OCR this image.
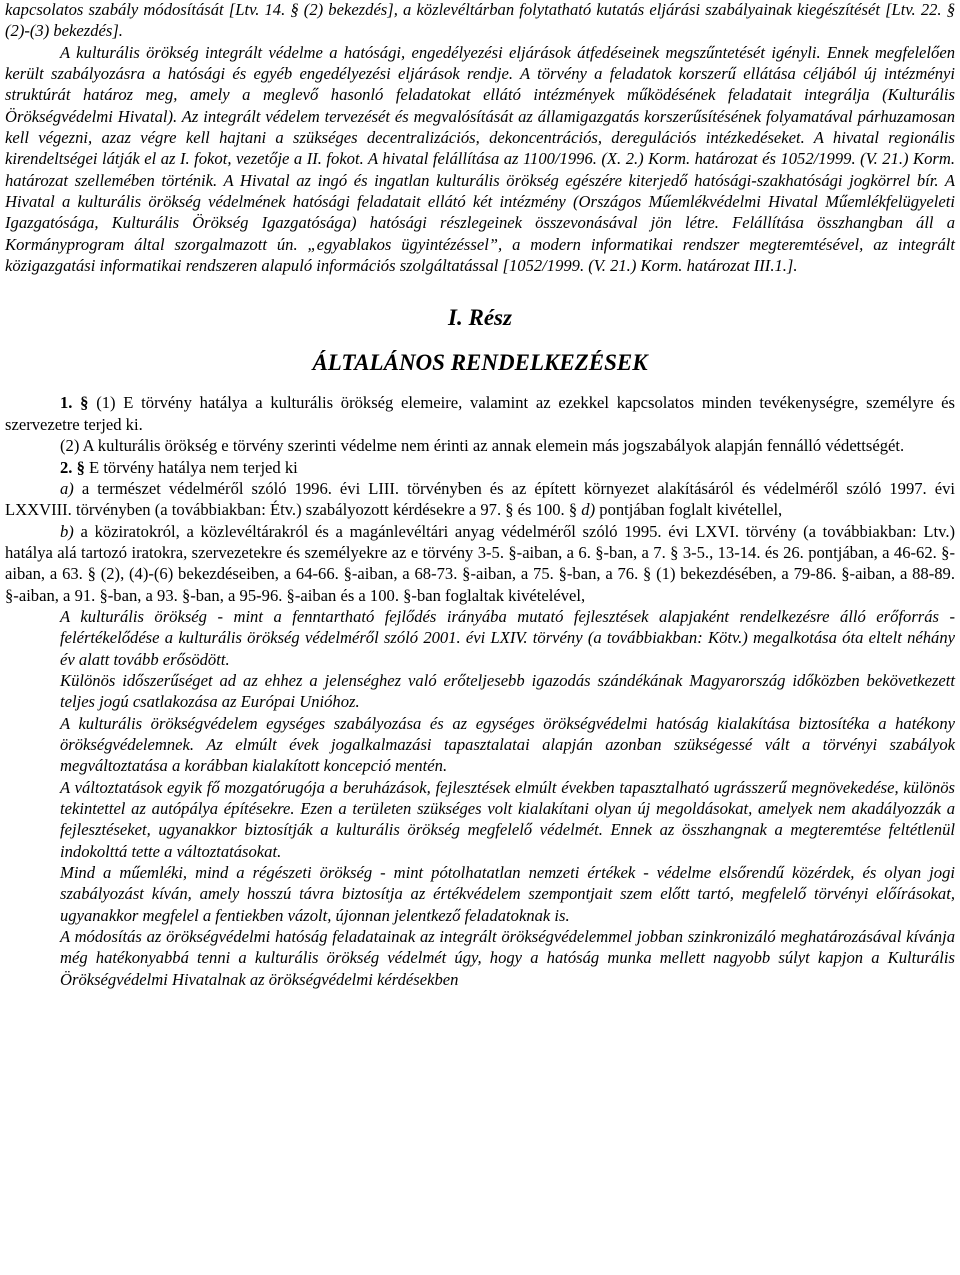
kapcsolatos szabály módosítását [Ltv. 14. § (2) bekezdés], a közlevéltárban folytatható kutatás eljárási szabályainak kiegészítését [Ltv. 22. § (2)-(3) bekezdés].

A kulturális örökség integrált védelme a hatósági, engedélyezési eljárások átfedéseinek megszűntetését igényli. Ennek megfelelően került szabályozásra a hatósági és egyéb engedélyezési eljárások rendje. A törvény a feladatok korszerű ellátása céljából új intézményi struktúrát határoz meg, amely a meglevő hasonló feladatokat ellátó intézmények működésének feladatait integrálja (Kulturális Örökségvédelmi Hivatal). Az integrált védelem tervezését és megvalósítását az államigazgatás korszerűsítésének folyamatával párhuzamosan kell végezni, azaz végre kell hajtani a szükséges decentralizációs, dekoncentrációs, deregulációs intézkedéseket. A hivatal regionális kirendeltségei látják el az I. fokot, vezetője a II. fokot. A hivatal felállítása az 1100/1996. (X. 2.) Korm. határozat és 1052/1999. (V. 21.) Korm. határozat szellemében történik. A Hivatal az ingó és ingatlan kulturális örökség egészére kiterjedő hatósági-szakhatósági jogkörrel bír. A Hivatal a kulturális örökség védelmének hatósági feladatait ellátó két intézmény (Országos Műemlékvédelmi Hivatal Műemlékfelügyeleti Igazgatósága, Kulturális Örökség Igazgatósága) hatósági részlegeinek összevonásával jön létre. Felállítása összhangban áll a Kormányprogram által szorgalmazott ún. „egyablakos ügyintézéssel”, a modern informatikai rendszer megteremtésével, az integrált közigazgatási informatikai rendszeren alapuló információs szolgáltatással [1052/1999. (V. 21.) Korm. határozat III.1.].

I. Rész
ÁLTALÁNOS RENDELKEZÉSEK

1. § (1) E törvény hatálya a kulturális örökség elemeire, valamint az ezekkel kapcsolatos minden tevékenységre, személyre és szervezetre terjed ki.

(2) A kulturális örökség e törvény szerinti védelme nem érinti az annak elemein más jogszabályok alapján fennálló védettségét.

2. § E törvény hatálya nem terjed ki

a) a természet védelméről szóló 1996. évi LIII. törvényben és az épített környezet alakításáról és védelméről szóló 1997. évi LXXVIII. törvényben (a továbbiakban: Étv.) szabályozott kérdésekre a 97. § és 100. § d) pontjában foglalt kivétellel,

b) a köziratokról, a közlevéltárakról és a magánlevéltári anyag védelméről szóló 1995. évi LXVI. törvény (a továbbiakban: Ltv.) hatálya alá tartozó iratokra, szervezetekre és személyekre az e törvény 3-5. §-aiban, a 6. §-ban, a 7. § 3-5., 13-14. és 26. pontjában, a 46-62. §-aiban, a 63. § (2), (4)-(6) bekezdéseiben, a 64-66. §-aiban, a 68-73. §-aiban, a 75. §-ban, a 76. § (1) bekezdésében, a 79-86. §-aiban, a 88-89. §-aiban, a 91. §-ban, a 93. §-ban, a 95-96. §-aiban és a 100. §-ban foglaltak kivételével,

A kulturális örökség - mint a fenntartható fejlődés irányába mutató fejlesztések alapjaként rendelkezésre álló erőforrás - felértékelődése a kulturális örökség védelméről szóló 2001. évi LXIV. törvény (a továbbiakban: Kötv.) megalkotása óta eltelt néhány év alatt tovább erősödött.

Különös időszerűséget ad az ehhez a jelenséghez való erőteljesebb igazodás szándékának Magyarország időközben bekövetkezett teljes jogú csatlakozása az Európai Unióhoz.

A kulturális örökségvédelem egységes szabályozása és az egységes örökségvédelmi hatóság kialakítása biztosítéka a hatékony örökségvédelemnek. Az elmúlt évek jogalkalmazási tapasztalatai alapján azonban szükségessé vált a törvényi szabályok megváltoztatása a korábban kialakított koncepció mentén.

A változtatások egyik fő mozgatórugója a beruházások, fejlesztések elmúlt években tapasztalható ugrásszerű megnövekedése, különös tekintettel az autópálya építésekre. Ezen a területen szükséges volt kialakítani olyan új megoldásokat, amelyek nem akadályozzák a fejlesztéseket, ugyanakkor biztosítják a kulturális örökség megfelelő védelmét. Ennek az összhangnak a megteremtése feltétlenül indokolttá tette a változtatásokat.

Mind a műemléki, mind a régészeti örökség - mint pótolhatatlan nemzeti értékek - védelme elsőrendű közérdek, és olyan jogi szabályozást kíván, amely hosszú távra biztosítja az értékvédelem szempontjait szem előtt tartó, megfelelő törvényi előírásokat, ugyanakkor megfelel a fentiekben vázolt, újonnan jelentkező feladatoknak is.

A módosítás az örökségvédelmi hatóság feladatainak az integrált örökségvédelemmel jobban szinkronizáló meghatározásával kívánja még hatékonyabbá tenni a kulturális örökség védelmét úgy, hogy a hatóság munka mellett nagyobb súlyt kapjon a Kulturális Örökségvédelmi Hivatalnak az örökségvédelmi kérdésekben
